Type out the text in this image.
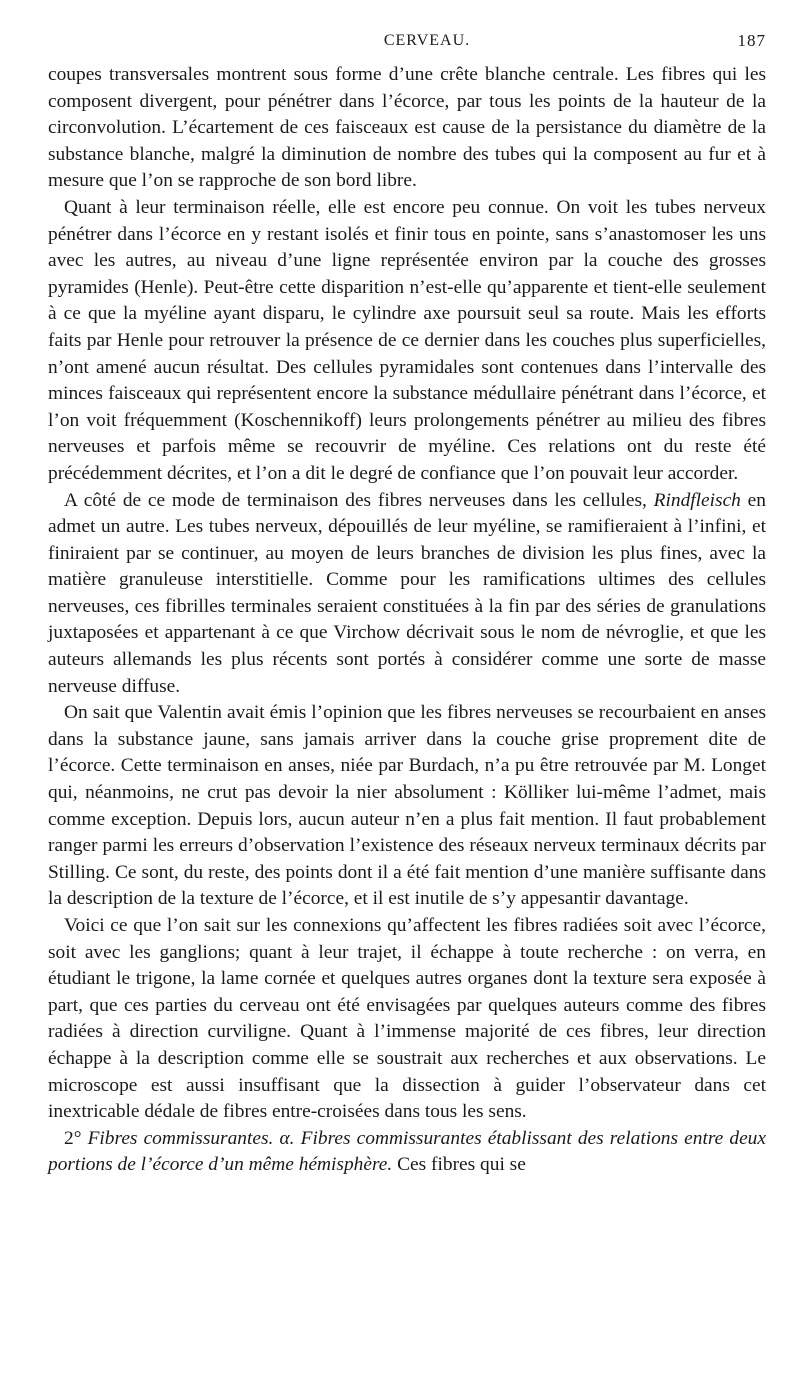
CERVEAU.	187

coupes transversales montrent sous forme d’une crête blanche centrale. Les fibres qui les composent divergent, pour pénétrer dans l’écorce, par tous les points de la hauteur de la circonvolution. L’écartement de ces faisceaux est cause de la persistance du diamètre de la substance blanche, malgré la diminution de nombre des tubes qui la composent au fur et à mesure que l’on se rapproche de son bord libre.

Quant à leur terminaison réelle, elle est encore peu connue. On voit les tubes nerveux pénétrer dans l’écorce en y restant isolés et finir tous en pointe, sans s’anastomoser les uns avec les autres, au niveau d’une ligne représentée environ par la couche des grosses pyramides (Henle). Peut-être cette disparition n’est-elle qu’apparente et tient-elle seulement à ce que la myéline ayant disparu, le cylindre axe poursuit seul sa route. Mais les efforts faits par Henle pour retrouver la présence de ce dernier dans les couches plus superficielles, n’ont amené aucun résultat. Des cellules pyramidales sont contenues dans l’intervalle des minces faisceaux qui représentent encore la substance médullaire pénétrant dans l’écorce, et l’on voit fréquemment (Koschennikoff) leurs prolongements pénétrer au milieu des fibres nerveuses et parfois même se recouvrir de myéline. Ces relations ont du reste été précédemment décrites, et l’on a dit le degré de confiance que l’on pouvait leur accorder.

A côté de ce mode de terminaison des fibres nerveuses dans les cellules, Rindfleisch en admet un autre. Les tubes nerveux, dépouillés de leur myéline, se ramifieraient à l’infini, et finiraient par se continuer, au moyen de leurs branches de division les plus fines, avec la matière granuleuse interstitielle. Comme pour les ramifications ultimes des cellules nerveuses, ces fibrilles terminales seraient constituées à la fin par des séries de granulations juxtaposées et appartenant à ce que Virchow décrivait sous le nom de névroglie, et que les auteurs allemands les plus récents sont portés à considérer comme une sorte de masse nerveuse diffuse.

On sait que Valentin avait émis l’opinion que les fibres nerveuses se recourbaient en anses dans la substance jaune, sans jamais arriver dans la couche grise proprement dite de l’écorce. Cette terminaison en anses, niée par Burdach, n’a pu être retrouvée par M. Longet qui, néanmoins, ne crut pas devoir la nier absolument : Kölliker lui-même l’admet, mais comme exception. Depuis lors, aucun auteur n’en a plus fait mention. Il faut probablement ranger parmi les erreurs d’observation l’existence des réseaux nerveux terminaux décrits par Stilling. Ce sont, du reste, des points dont il a été fait mention d’une manière suffisante dans la description de la texture de l’écorce, et il est inutile de s’y appesantir davantage.

Voici ce que l’on sait sur les connexions qu’affectent les fibres radiées soit avec l’écorce, soit avec les ganglions; quant à leur trajet, il échappe à toute recherche : on verra, en étudiant le trigone, la lame cornée et quelques autres organes dont la texture sera exposée à part, que ces parties du cerveau ont été envisagées par quelques auteurs comme des fibres radiées à direction curviligne. Quant à l’immense majorité de ces fibres, leur direction échappe à la description comme elle se soustrait aux recherches et aux observations. Le microscope est aussi insuffisant que la dissection à guider l’observateur dans cet inextricable dédale de fibres entre-croisées dans tous les sens.

2° Fibres commissurantes. α. Fibres commissurantes établissant des relations entre deux portions de l’écorce d’un même hémisphère. Ces fibres qui se
